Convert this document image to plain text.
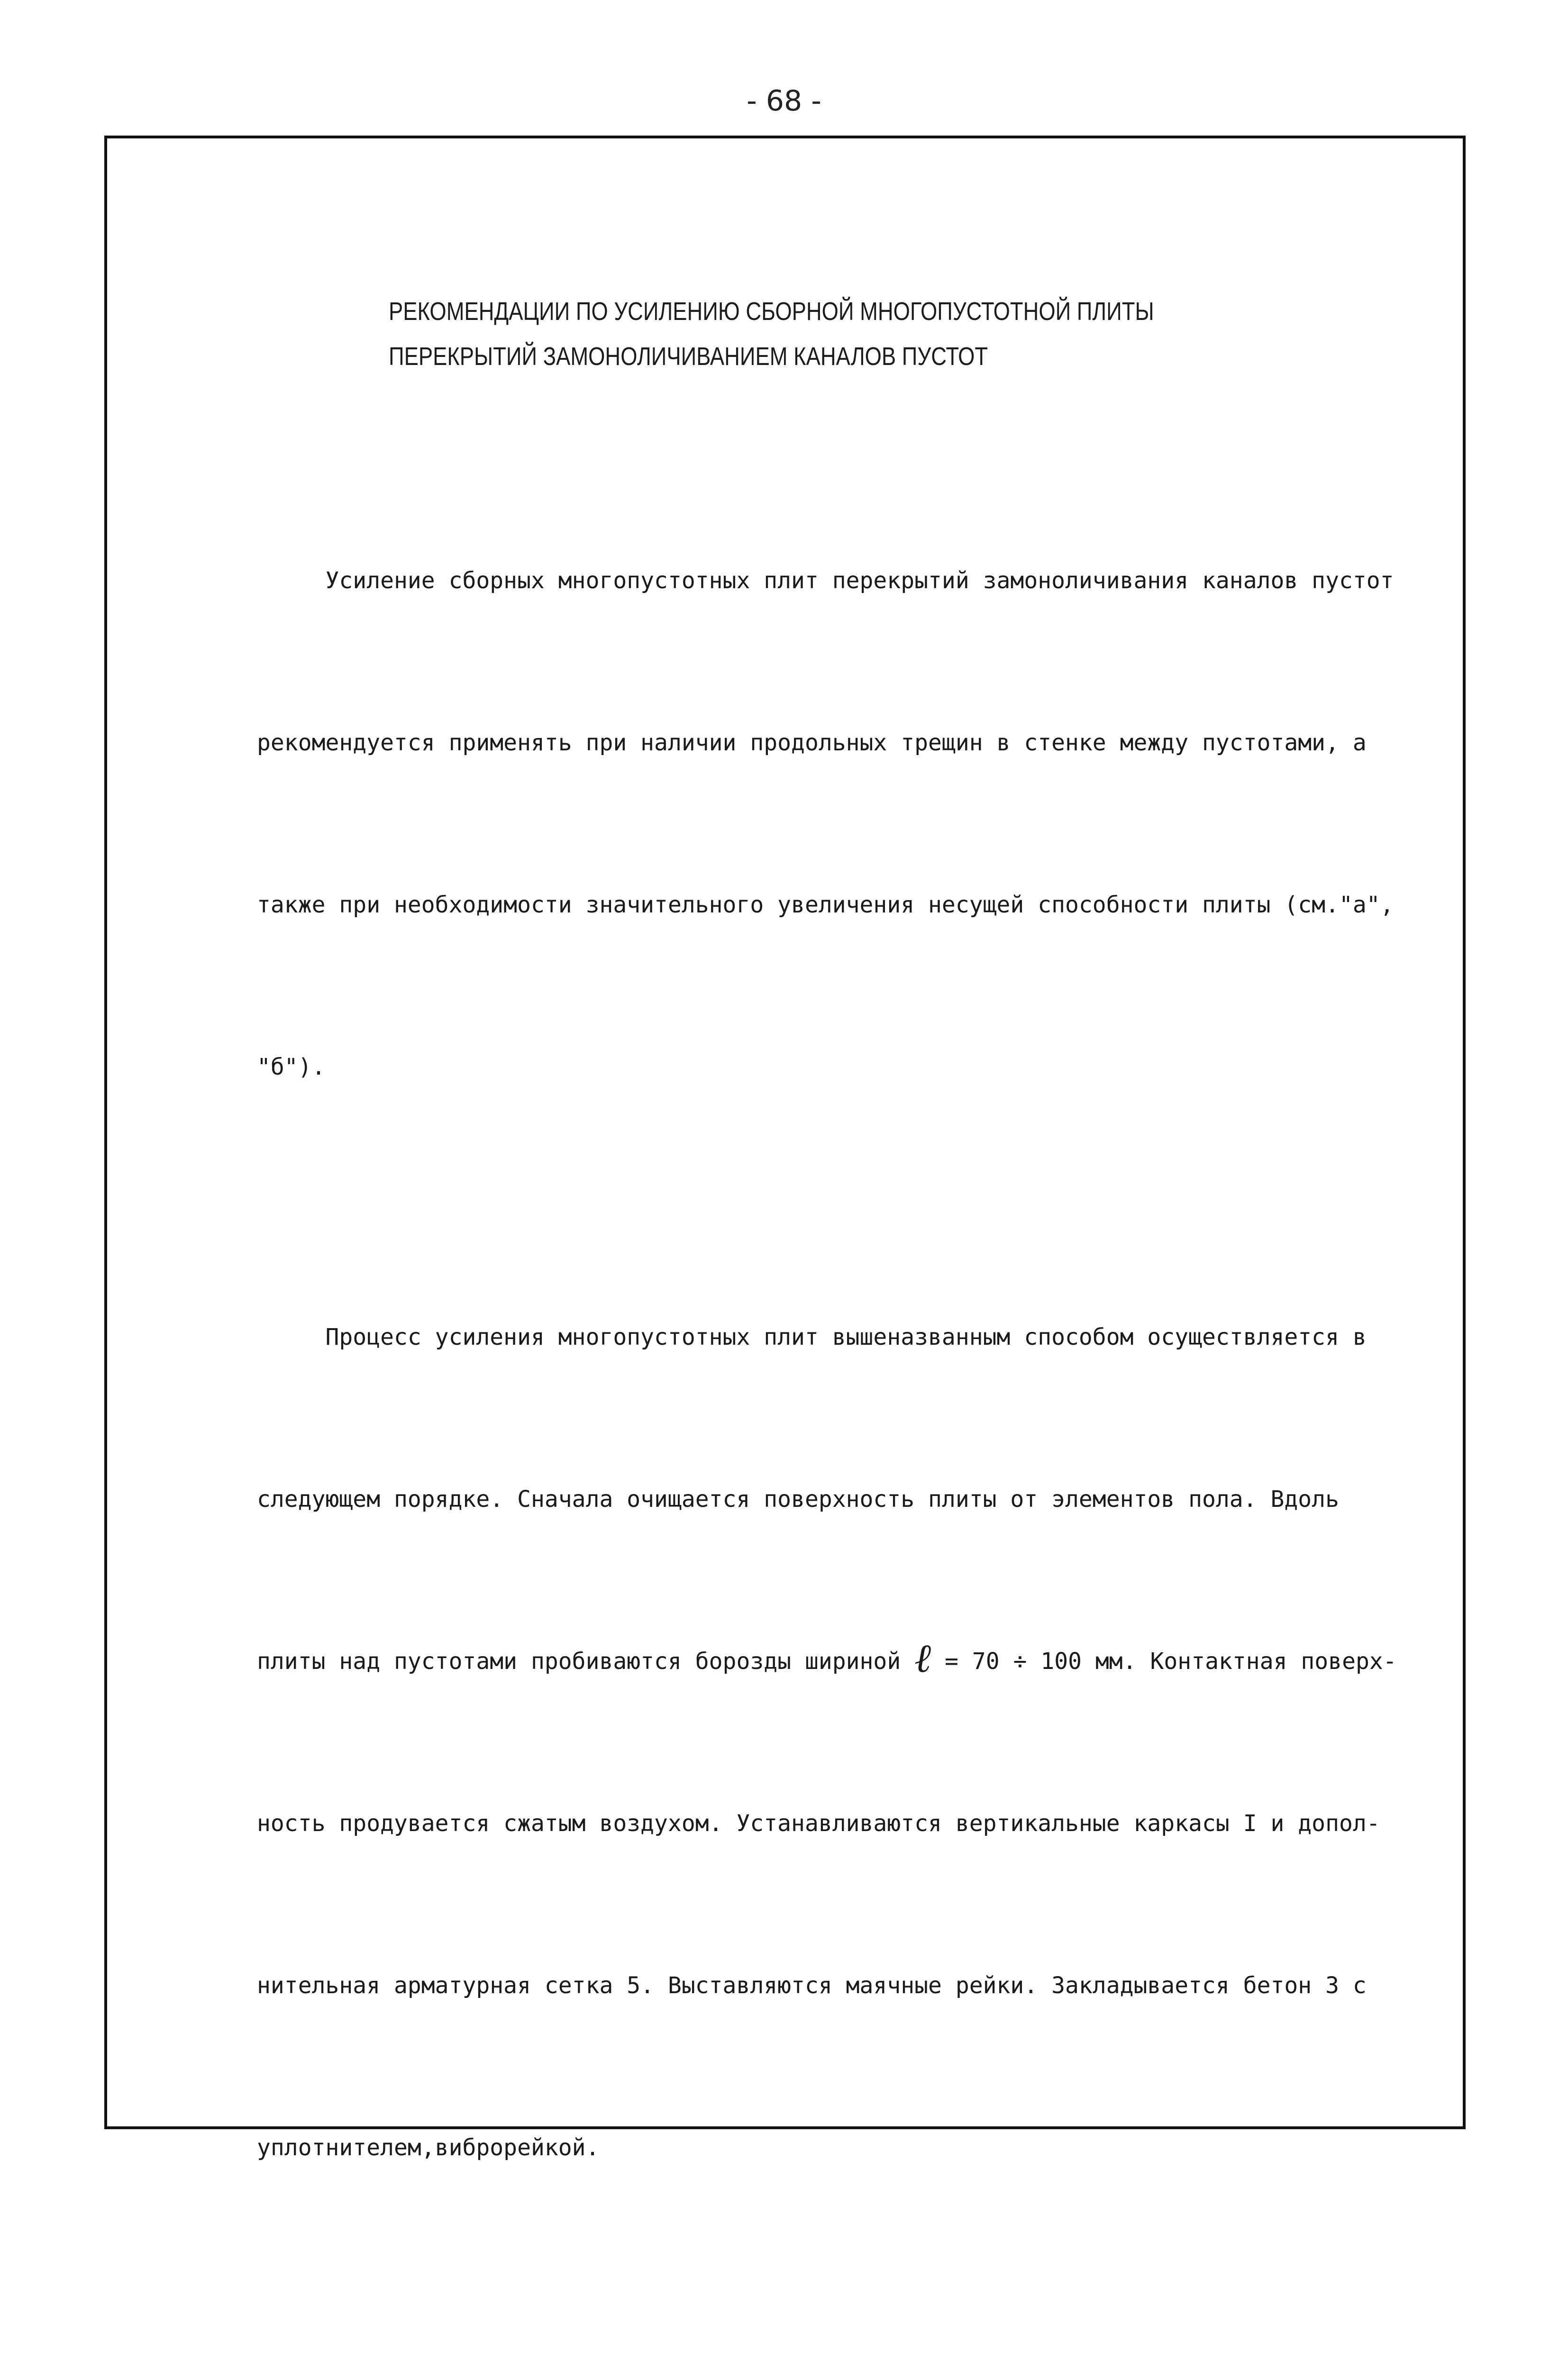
- 68 -
РЕКОМЕНДАЦИИ ПО УСИЛЕНИЮ СБОРНОЙ МНОГОПУСТОТНОЙ ПЛИТЫ
ПЕРЕКРЫТИЙ ЗАМОНОЛИЧИВАНИЕМ КАНАЛОВ ПУСТОТ

Усиление сборных многопустотных плит перекрытий замоноличивания каналов пустот

рекомендуется применять при наличии продольных трещин в стенке между пустотами, а

также при необходимости значительного увеличения несущей способности плиты (см."а",

"б").

Процесс усиления многопустотных плит вышеназванным способом осуществляется в

следующем порядке. Сначала очищается поверхность плиты от элементов пола. Вдоль

плиты над пустотами пробиваются борозды шириной ℓ = 70 ÷ 100 мм. Контактная поверх-

ность продувается сжатым воздухом. Устанавливаются вертикальные каркасы I и допол-

нительная арматурная сетка 5. Выставляются маячные рейки. Закладывается бетон 3 с

уплотнителем,виброрейкой.
